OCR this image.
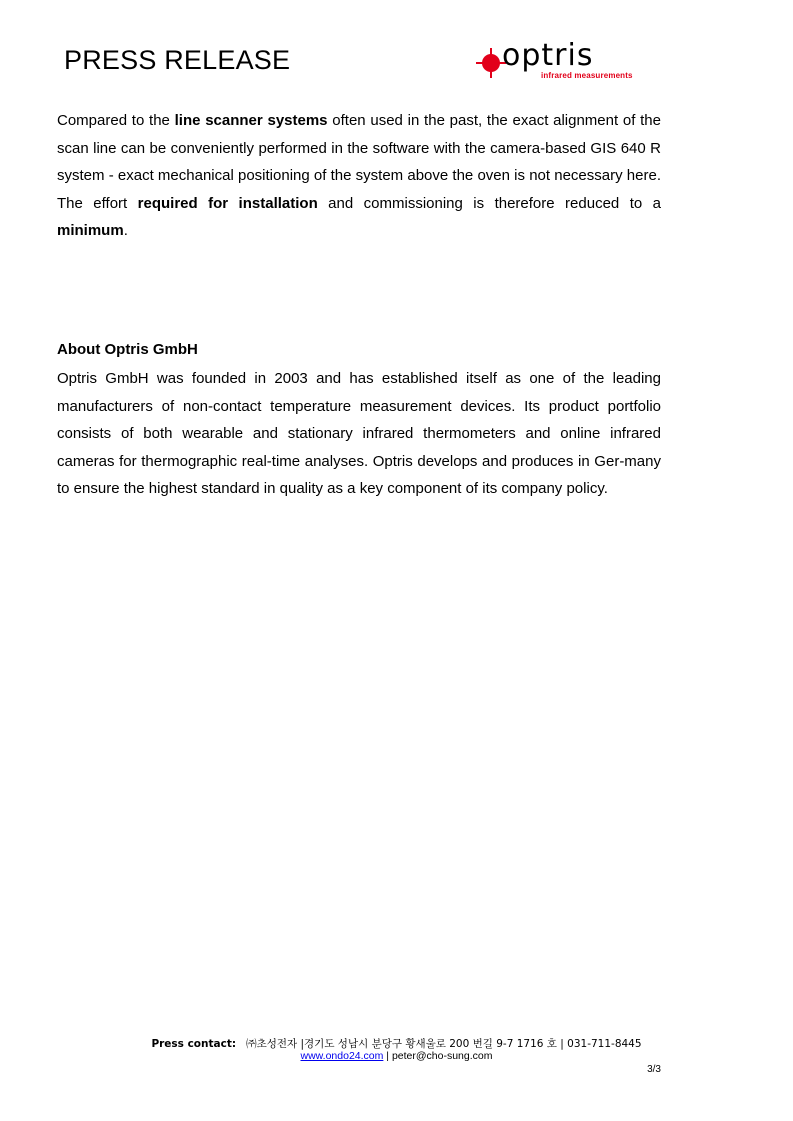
PRESS RELEASE	optris
infrared measurements

Compared to the line scanner systems often used in the past, the exact alignment of the scan line can be conveniently performed in the software with the camera-based GIS 640 R system - exact mechanical positioning of the system above the oven is not necessary here. The effort required for installation and commissioning is therefore reduced to a minimum.

About Optris GmbH

Optris GmbH was founded in 2003 and has established itself as one of the leading manufacturers of non-contact temperature measurement devices. Its product portfolio consists of both wearable and stationary infrared thermometers and online infrared cameras for thermographic real-time analyses. Optris develops and produces in Ger-many to ensure the highest standard in quality as a key component of its company policy.

Press contact: ㈜초성전자 |경기도 성남시 분당구 황새울로 200 번길 9-7 1716 호 | 031-711-8445
www.ondo24.com | peter@cho-sung.com
3/3
